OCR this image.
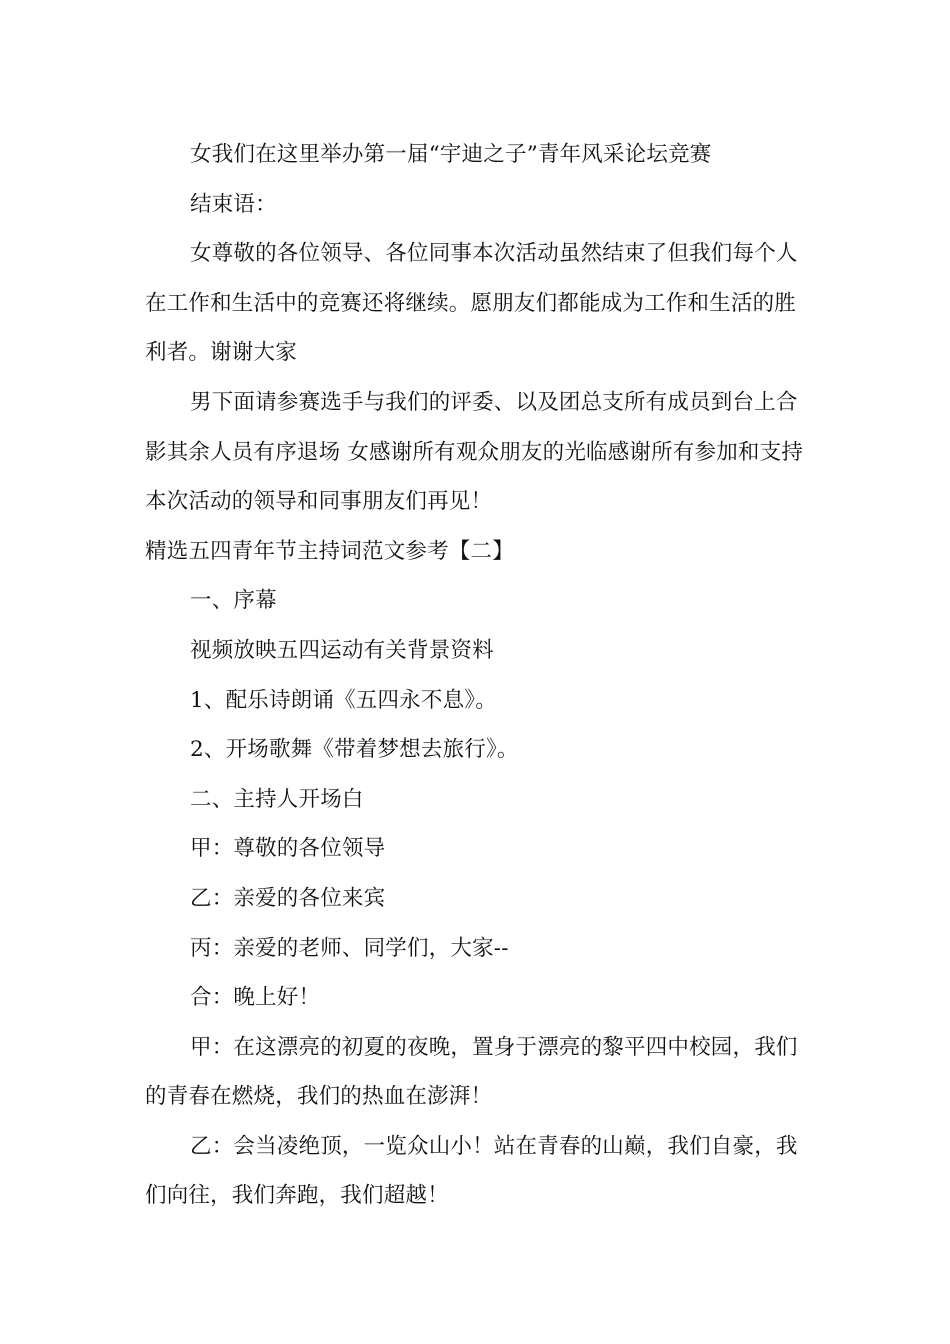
女我们在这里举办第一届“宇迪之子”青年风采论坛竞赛

结束语：

女尊敬的各位领导、各位同事本次活动虽然结束了但我们每个人在工作和生活中的竞赛还将继续。愿朋友们都能成为工作和生活的胜利者。谢谢大家

男下面请参赛选手与我们的评委、以及团总支所有成员到台上合影其余人员有序退场 女感谢所有观众朋友的光临感谢所有参加和支持本次活动的领导和同事朋友们再见！

精选五四青年节主持词范文参考【二】

一、序幕

视频放映五四运动有关背景资料

1、配乐诗朗诵《五四永不息》。

2、开场歌舞《带着梦想去旅行》。

二、主持人开场白

甲：尊敬的各位领导

乙：亲爱的各位来宾

丙：亲爱的老师、同学们，大家--

合：晚上好！

甲：在这漂亮的初夏的夜晚，置身于漂亮的黎平四中校园，我们的青春在燃烧，我们的热血在澎湃！

乙：会当凌绝顶，一览众山小！站在青春的山巅，我们自豪，我们向往，我们奔跑，我们超越！
